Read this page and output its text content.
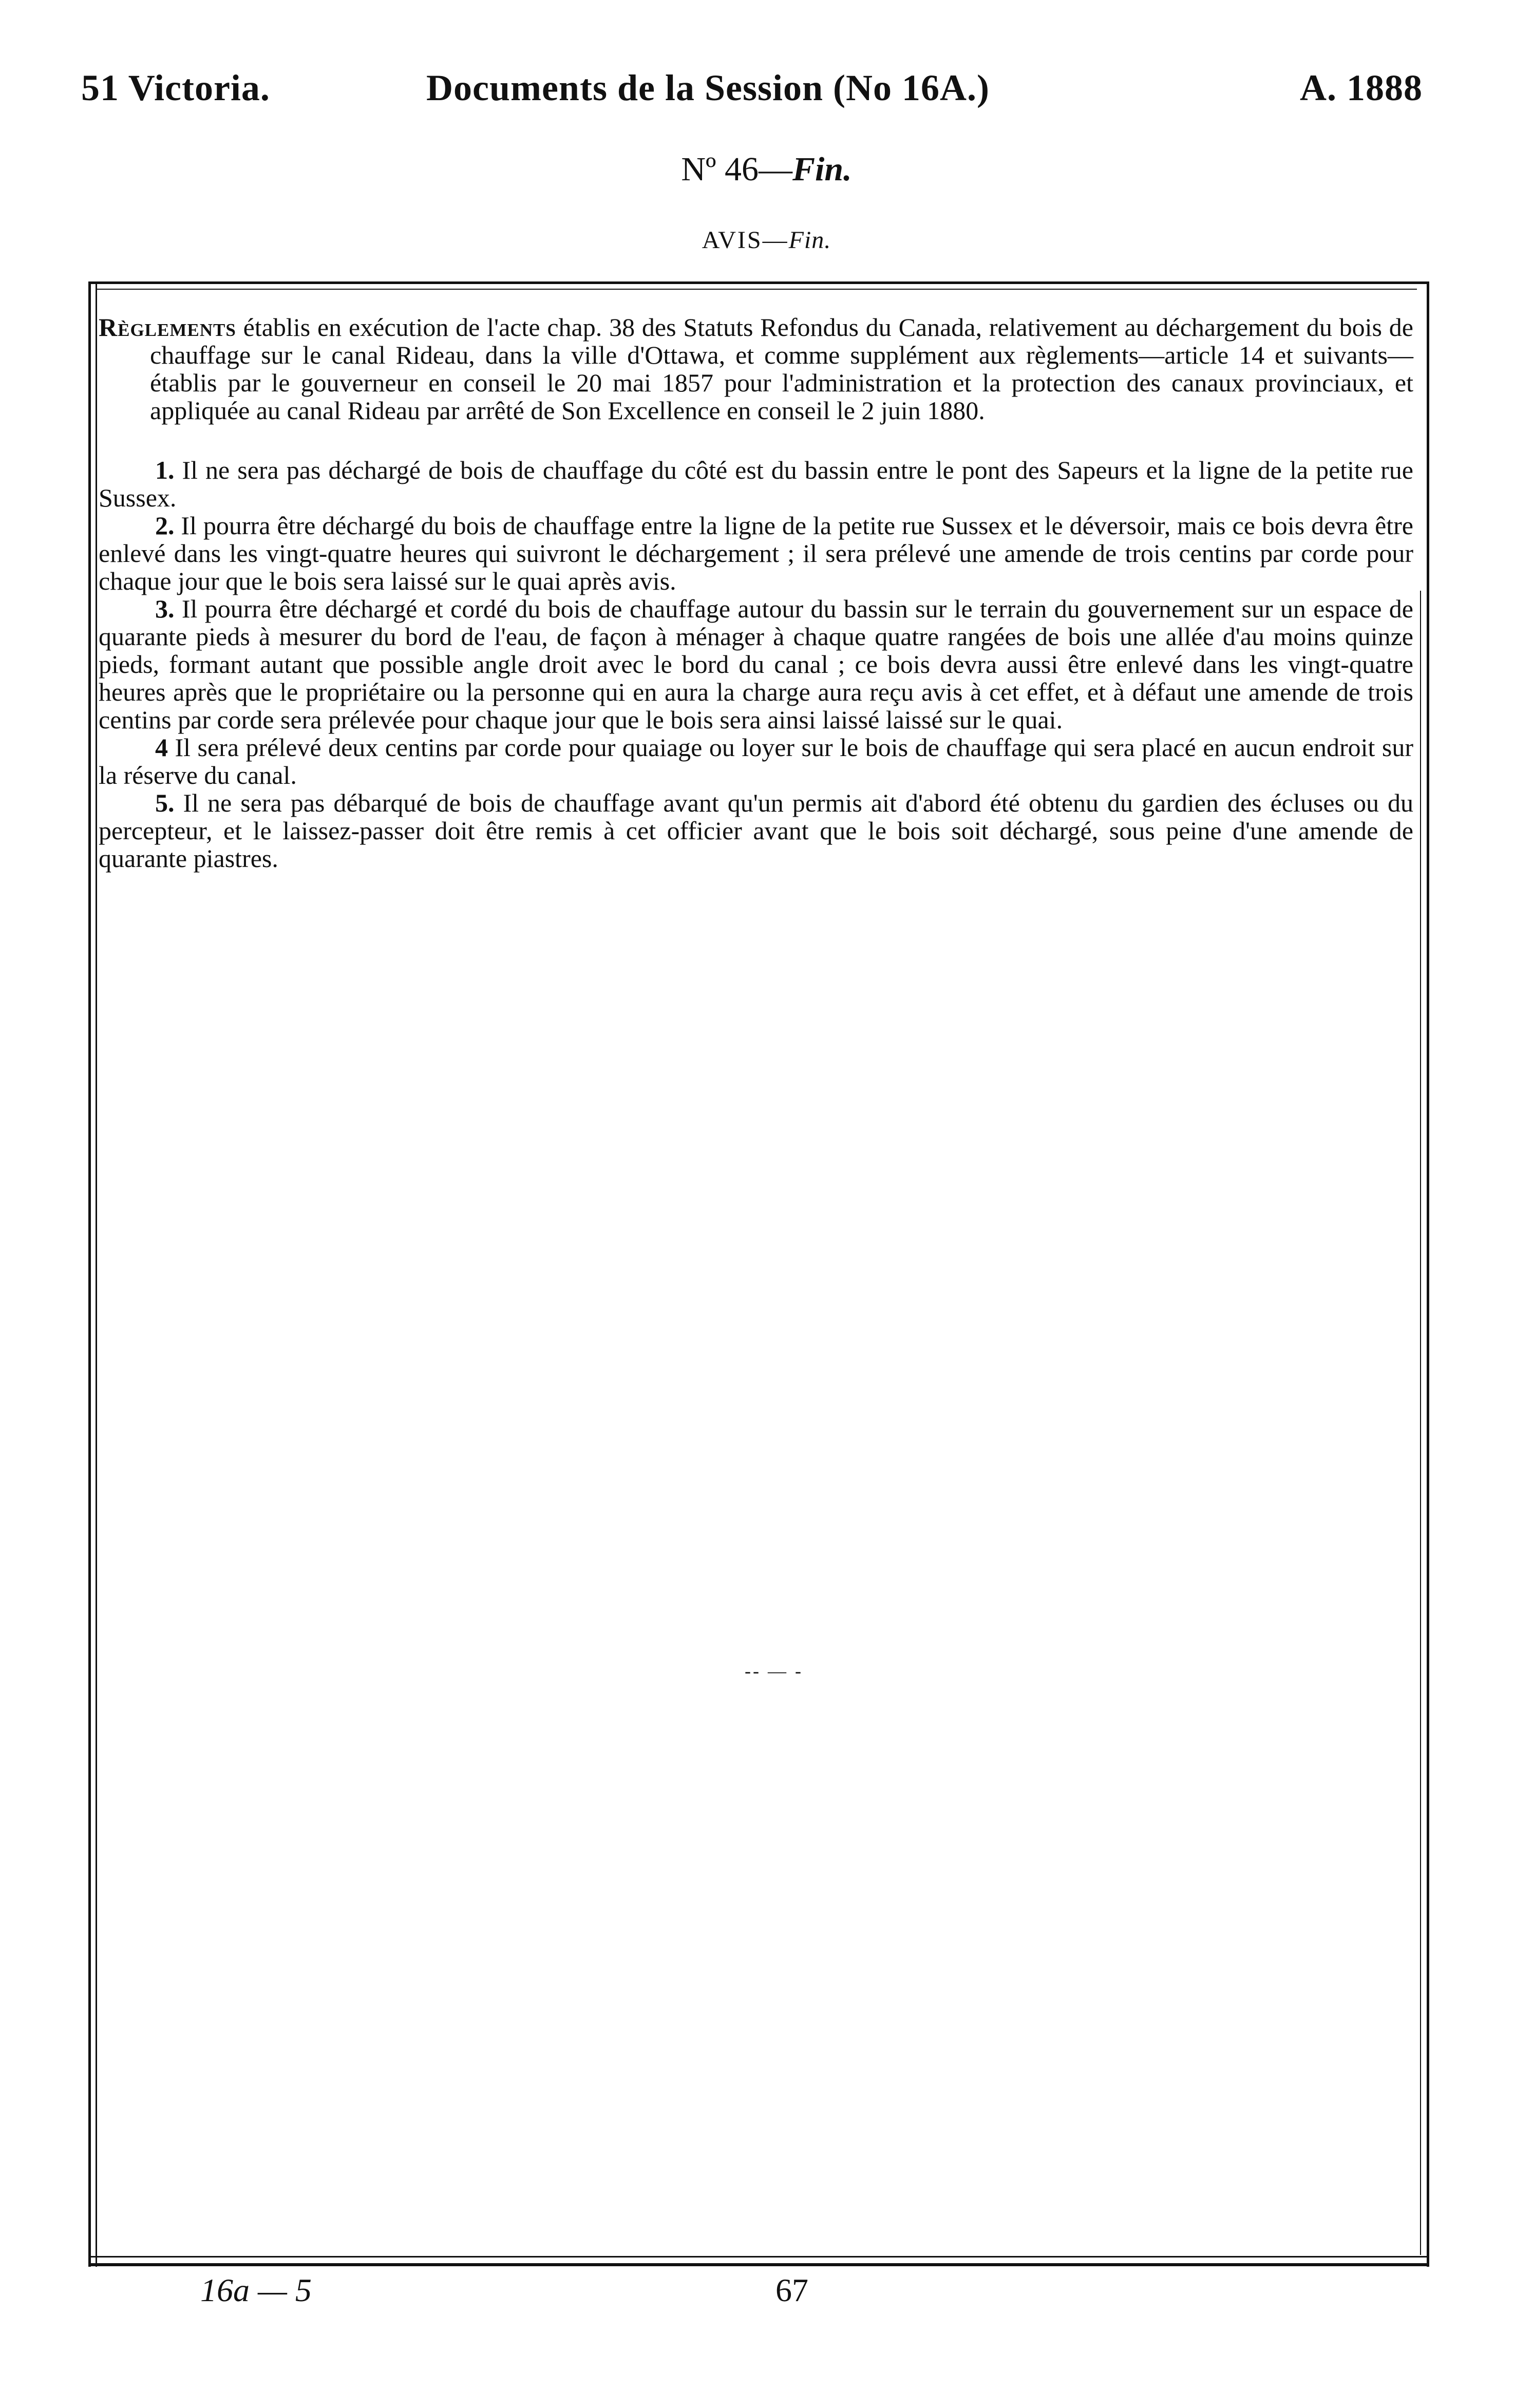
51 Victoria.	Documents de la Session (No 16A.)	A. 1888
Nº 46—Fin.
AVIS—Fin.

Règlements établis en exécution de l'acte chap. 38 des Statuts Refondus du Canada, relativement au déchargement du bois de chauffage sur le canal Rideau, dans la ville d'Ottawa, et comme supplément aux règlements—article 14 et suivants—établis par le gouverneur en conseil le 20 mai 1857 pour l'administration et la protection des canaux provinciaux, et appliquée au canal Rideau par arrêté de Son Excellence en conseil le 2 juin 1880.

1. Il ne sera pas déchargé de bois de chauffage du côté est du bassin entre le pont des Sapeurs et la ligne de la petite rue Sussex.

2. Il pourra être déchargé du bois de chauffage entre la ligne de la petite rue Sussex et le déversoir, mais ce bois devra être enlevé dans les vingt-quatre heures qui suivront le déchargement ; il sera prélevé une amende de trois centins par corde pour chaque jour que le bois sera laissé sur le quai après avis.

3. Il pourra être déchargé et cordé du bois de chauffage autour du bassin sur le terrain du gouvernement sur un espace de quarante pieds à mesurer du bord de l'eau, de façon à ménager à chaque quatre rangées de bois une allée d'au moins quinze pieds, formant autant que possible angle droit avec le bord du canal ; ce bois devra aussi être enlevé dans les vingt-quatre heures après que le propriétaire ou la personne qui en aura la charge aura reçu avis à cet effet, et à défaut une amende de trois centins par corde sera prélevée pour chaque jour que le bois sera ainsi laissé laissé sur le quai.

4 Il sera prélevé deux centins par corde pour quaiage ou loyer sur le bois de chauffage qui sera placé en aucun endroit sur la réserve du canal.

5. Il ne sera pas débarqué de bois de chauffage avant qu'un permis ait d'abord été obtenu du gardien des écluses ou du percepteur, et le laissez-passer doit être remis à cet officier avant que le bois soit déchargé, sous peine d'une amende de quarante piastres.

-- — -
16a — 5	67
